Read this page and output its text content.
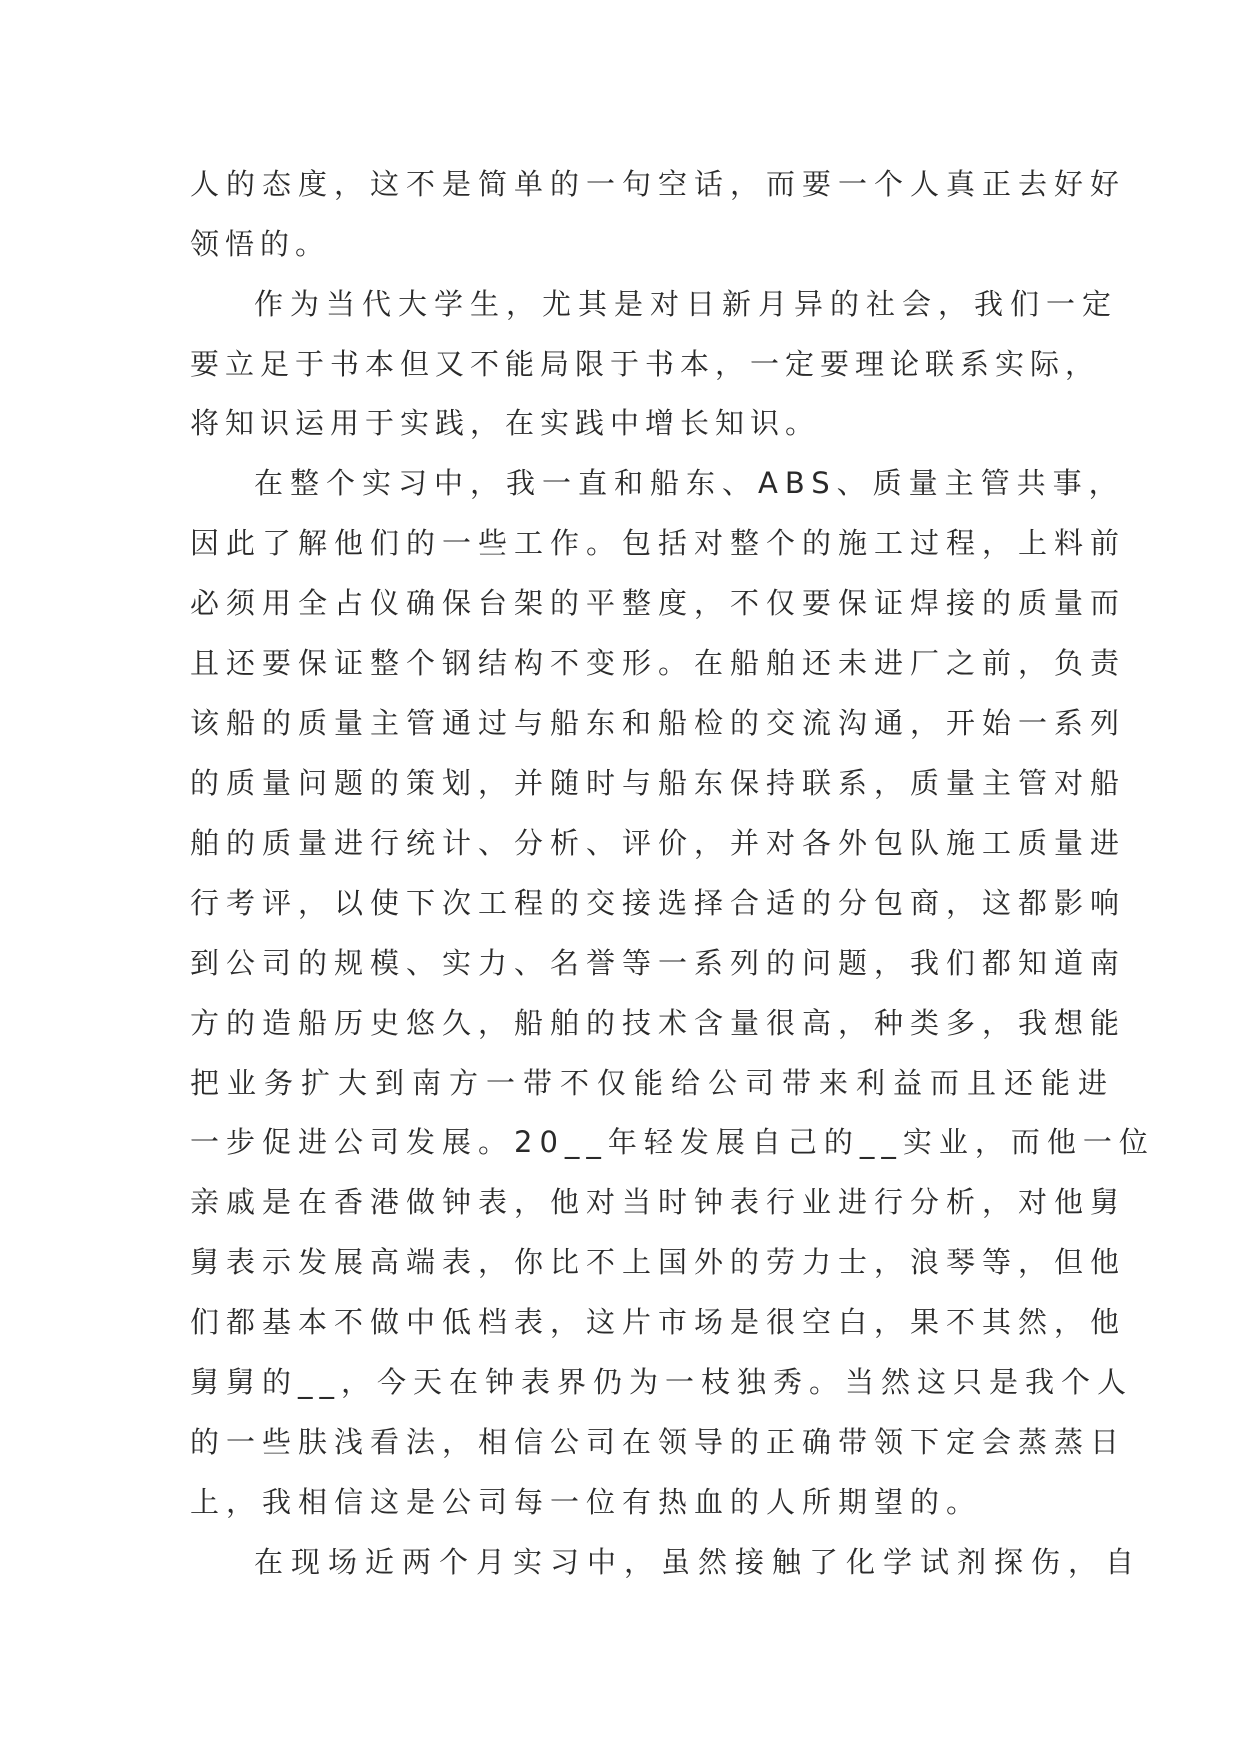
人的态度，这不是简单的一句空话，而要一个人真正去好好
领悟的。
作为当代大学生，尤其是对日新月异的社会，我们一定
要立足于书本但又不能局限于书本，一定要理论联系实际，
将知识运用于实践，在实践中增长知识。
在整个实习中，我一直和船东、ABS、质量主管共事，
因此了解他们的一些工作。包括对整个的施工过程，上料前
必须用全占仪确保台架的平整度，不仅要保证焊接的质量而
且还要保证整个钢结构不变形。在船舶还未进厂之前，负责
该船的质量主管通过与船东和船检的交流沟通，开始一系列
的质量问题的策划，并随时与船东保持联系，质量主管对船
舶的质量进行统计、分析、评价，并对各外包队施工质量进
行考评，以使下次工程的交接选择合适的分包商，这都影响
到公司的规模、实力、名誉等一系列的问题，我们都知道南
方的造船历史悠久，船舶的技术含量很高，种类多，我想能
把业务扩大到南方一带不仅能给公司带来利益而且还能进
一步促进公司发展。20__年轻发展自己的__实业，而他一位
亲戚是在香港做钟表，他对当时钟表行业进行分析，对他舅
舅表示发展高端表，你比不上国外的劳力士，浪琴等，但他
们都基本不做中低档表，这片市场是很空白，果不其然，他
舅舅的__，今天在钟表界仍为一枝独秀。当然这只是我个人
的一些肤浅看法，相信公司在领导的正确带领下定会蒸蒸日
上，我相信这是公司每一位有热血的人所期望的。
在现场近两个月实习中，虽然接触了化学试剂探伤，自
